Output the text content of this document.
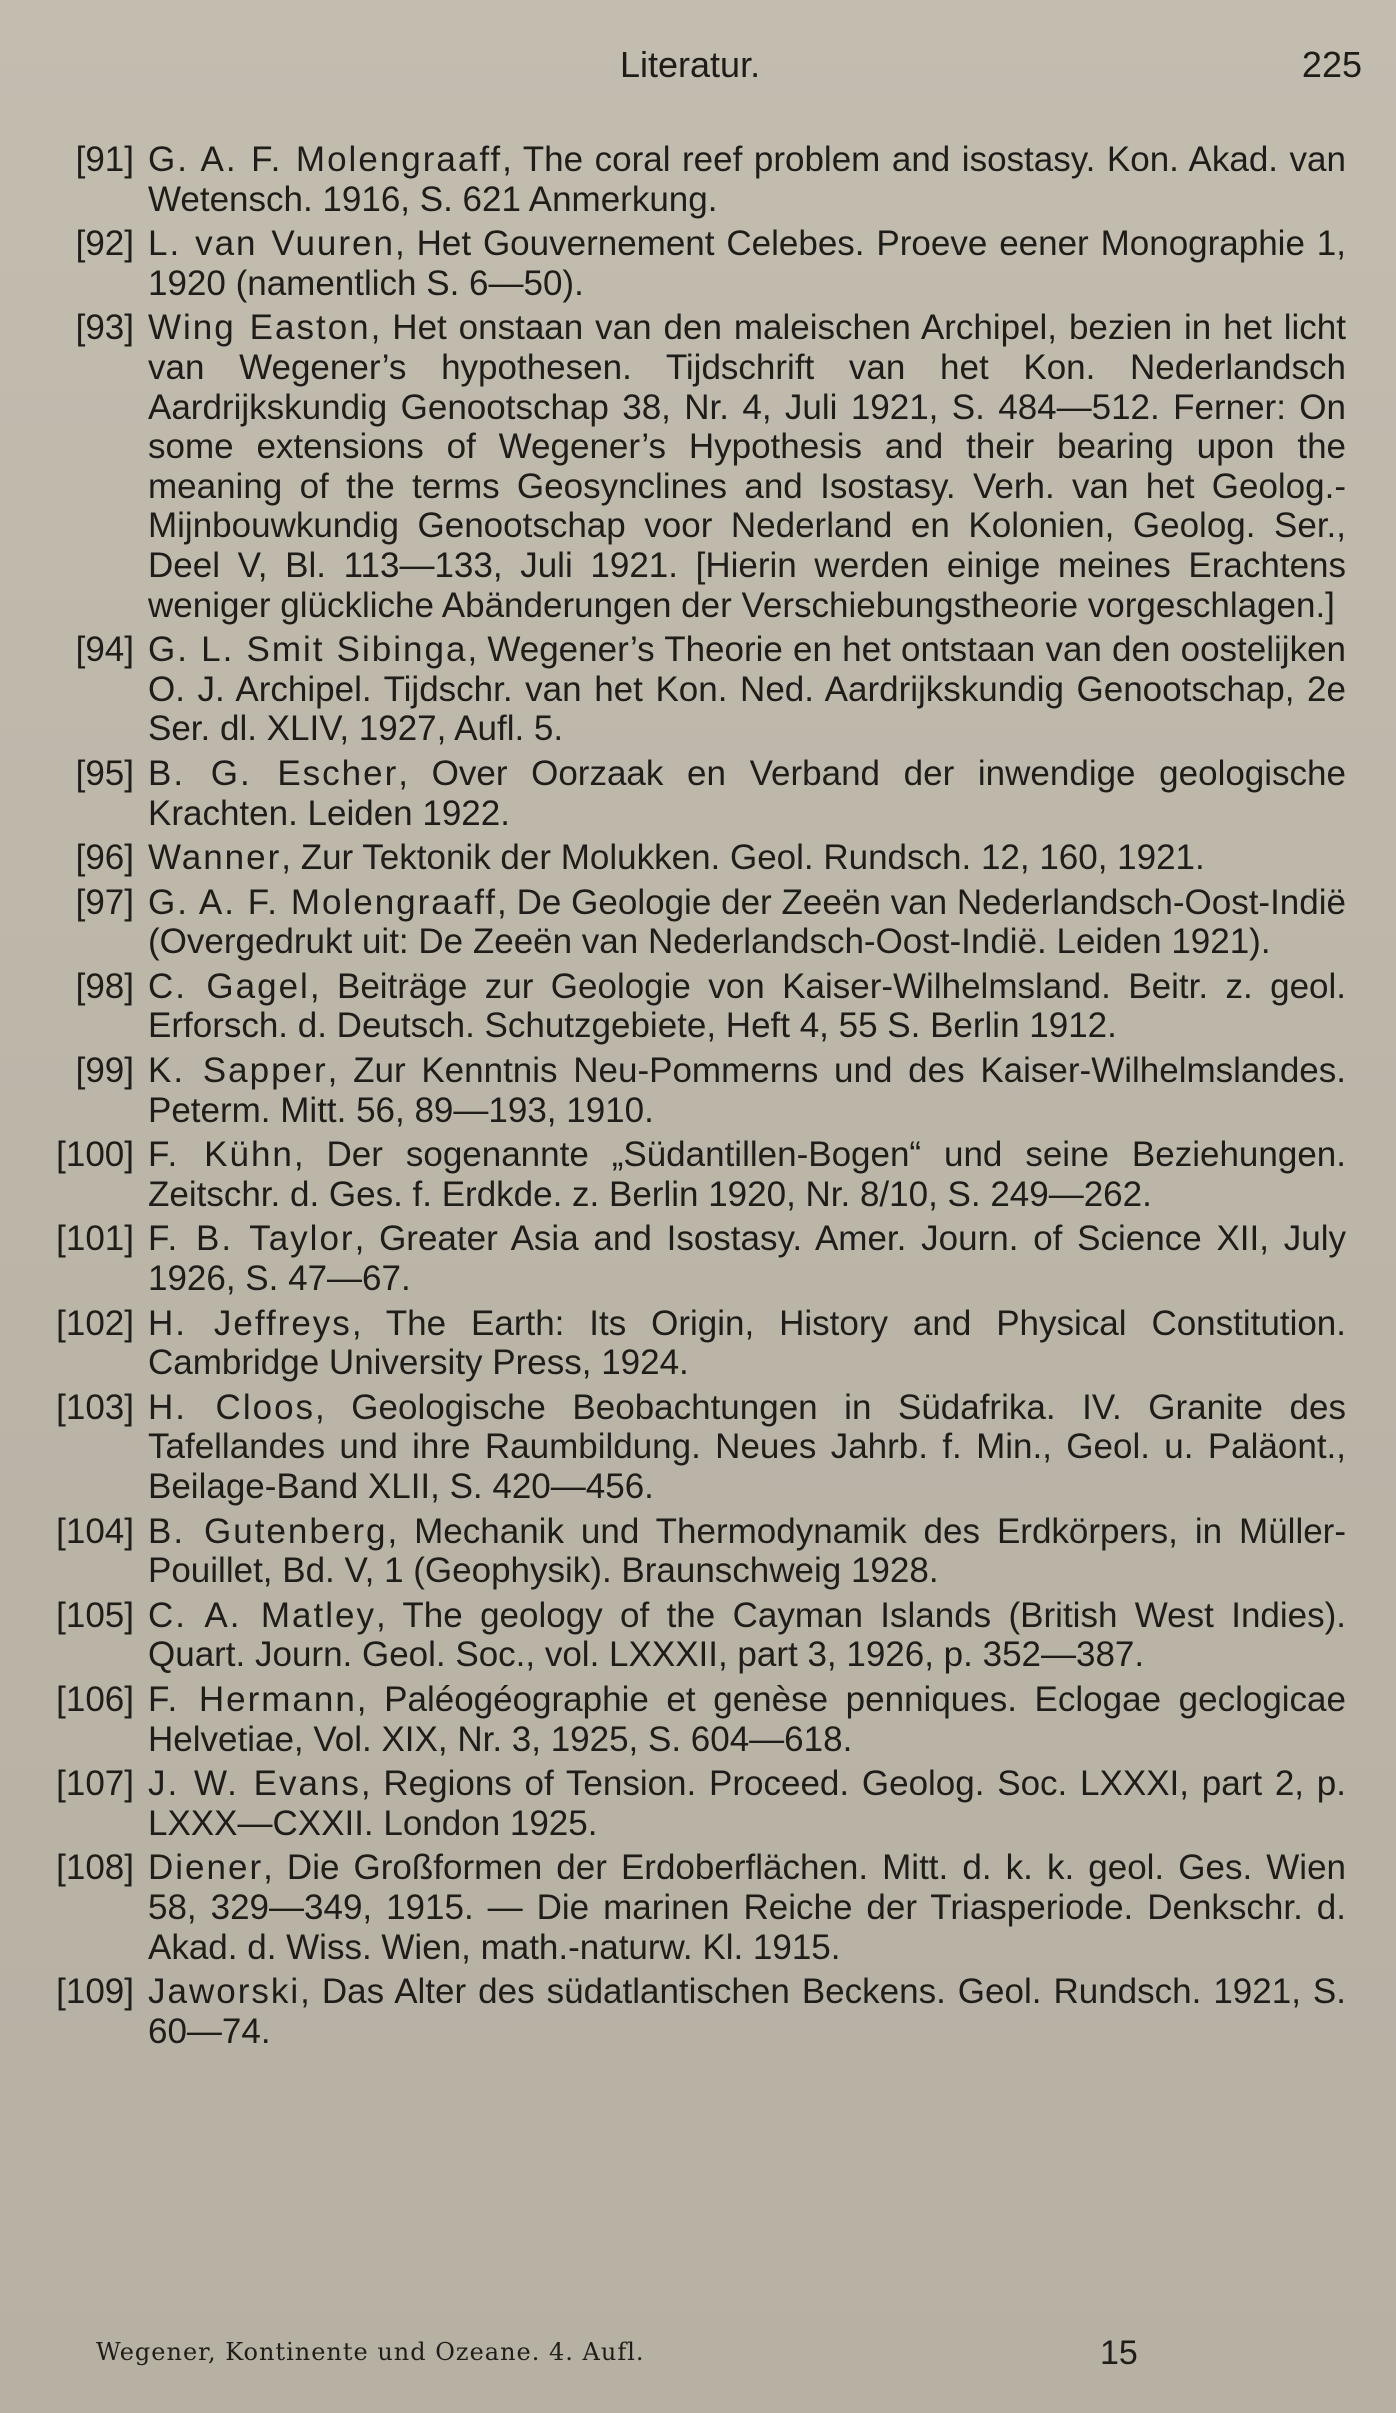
Literatur.	225
[91] G. A. F. Molengraaff, The coral reef problem and isostasy. Kon. Akad. van Wetensch. 1916, S. 621 Anmerkung.
[92] L. van Vuuren, Het Gouvernement Celebes. Proeve eener Monographie 1, 1920 (namentlich S. 6—50).
[93] Wing Easton, Het onstaan van den maleischen Archipel, bezien in het licht van Wegener’s hypothesen. Tijdschrift van het Kon. Nederlandsch Aardrijkskundig Genootschap 38, Nr. 4, Juli 1921, S. 484—512. Ferner: On some extensions of Wegener’s Hypothesis and their bearing upon the meaning of the terms Geosynclines and Isostasy. Verh. van het Geolog.-Mijnbouwkundig Genootschap voor Nederland en Kolonien, Geolog. Ser., Deel V, Bl. 113—133, Juli 1921. [Hierin werden einige meines Erachtens weniger glückliche Abänderungen der Verschiebungstheorie vorgeschlagen.]
[94] G. L. Smit Sibinga, Wegener’s Theorie en het ontstaan van den oostelijken O. J. Archipel. Tijdschr. van het Kon. Ned. Aardrijkskundig Genootschap, 2e Ser. dl. XLIV, 1927, Aufl. 5.
[95] B. G. Escher, Over Oorzaak en Verband der inwendige geologische Krachten. Leiden 1922.
[96] Wanner, Zur Tektonik der Molukken. Geol. Rundsch. 12, 160, 1921.
[97] G. A. F. Molengraaff, De Geologie der Zeeën van Nederlandsch-Oost-Indië (Overgedrukt uit: De Zeeën van Nederlandsch-Oost-Indië. Leiden 1921).
[98] C. Gagel, Beiträge zur Geologie von Kaiser-Wilhelmsland. Beitr. z. geol. Erforsch. d. Deutsch. Schutzgebiete, Heft 4, 55 S. Berlin 1912.
[99] K. Sapper, Zur Kenntnis Neu-Pommerns und des Kaiser-Wilhelmslandes. Peterm. Mitt. 56, 89—193, 1910.
[100] F. Kühn, Der sogenannte „Südantillen-Bogen“ und seine Beziehungen. Zeitschr. d. Ges. f. Erdkde. z. Berlin 1920, Nr. 8/10, S. 249—262.
[101] F. B. Taylor, Greater Asia and Isostasy. Amer. Journ. of Science XII, July 1926, S. 47—67.
[102] H. Jeffreys, The Earth: Its Origin, History and Physical Constitution. Cambridge University Press, 1924.
[103] H. Cloos, Geologische Beobachtungen in Südafrika. IV. Granite des Tafellandes und ihre Raumbildung. Neues Jahrb. f. Min., Geol. u. Paläont., Beilage-Band XLII, S. 420—456.
[104] B. Gutenberg, Mechanik und Thermodynamik des Erdkörpers, in Müller-Pouillet, Bd. V, 1 (Geophysik). Braunschweig 1928.
[105] C. A. Matley, The geology of the Cayman Islands (British West Indies). Quart. Journ. Geol. Soc., vol. LXXXII, part 3, 1926, p. 352—387.
[106] F. Hermann, Paléogéographie et genèse penniques. Eclogae geclogicae Helvetiae, Vol. XIX, Nr. 3, 1925, S. 604—618.
[107] J. W. Evans, Regions of Tension. Proceed. Geolog. Soc. LXXXI, part 2, p. LXXX—CXXII. London 1925.
[108] Diener, Die Großformen der Erdoberflächen. Mitt. d. k. k. geol. Ges. Wien 58, 329—349, 1915. — Die marinen Reiche der Triasperiode. Denkschr. d. Akad. d. Wiss. Wien, math.-naturw. Kl. 1915.
[109] Jaworski, Das Alter des südatlantischen Beckens. Geol. Rundsch. 1921, S. 60—74.
Wegener, Kontinente und Ozeane. 4. Aufl.	15
